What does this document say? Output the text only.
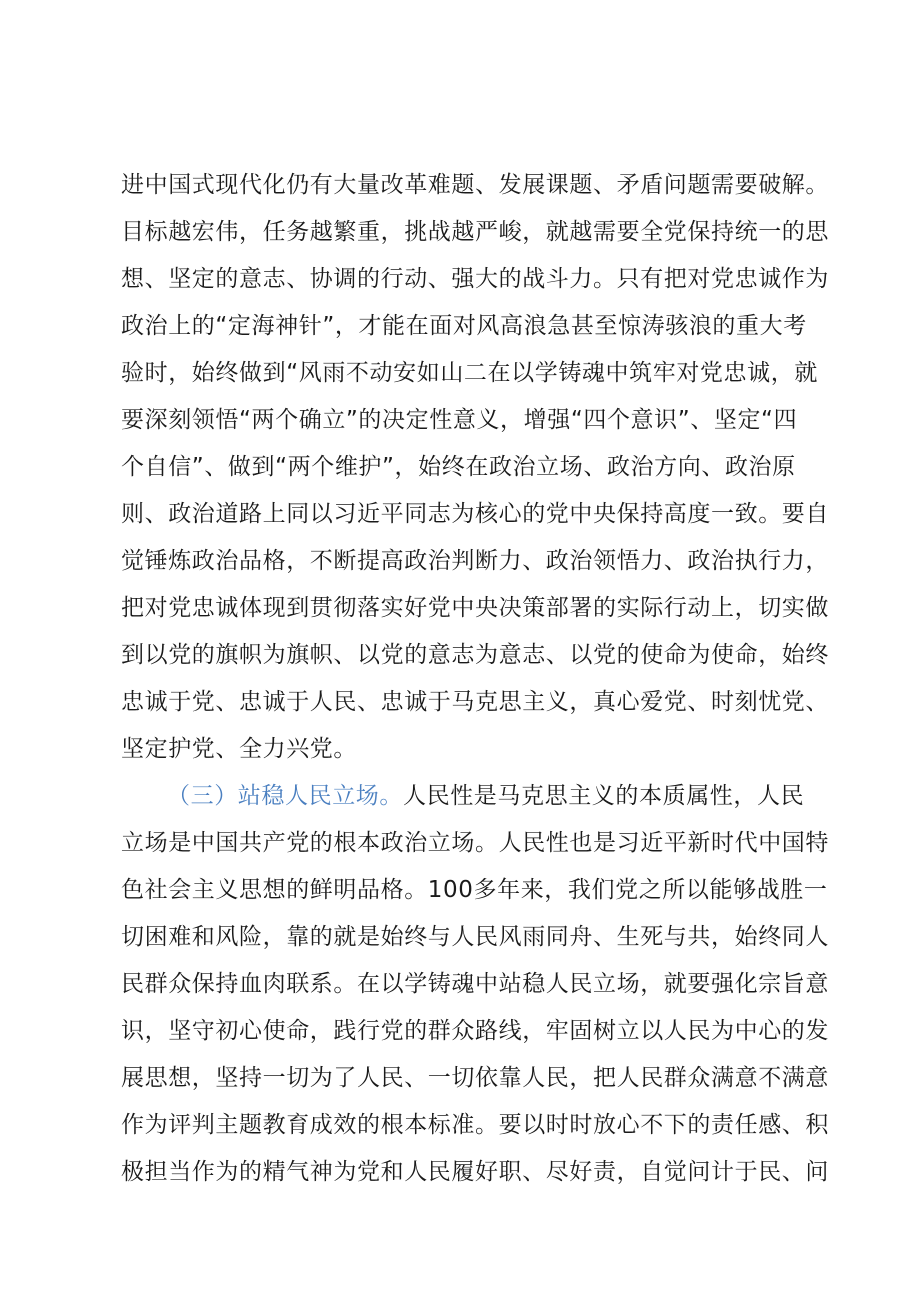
进中国式现代化仍有大量改革难题、发展课题、矛盾问题需要破解。
目标越宏伟，任务越繁重，挑战越严峻，就越需要全党保持统一的思
想、坚定的意志、协调的行动、强大的战斗力。只有把对党忠诚作为
政治上的“定海神针”，才能在面对风高浪急甚至惊涛骇浪的重大考
验时，始终做到“风雨不动安如山二在以学铸魂中筑牢对党忠诚，就
要深刻领悟“两个确立”的决定性意义，增强“四个意识”、坚定“四
个自信”、做到“两个维护”，始终在政治立场、政治方向、政治原
则、政治道路上同以习近平同志为核心的党中央保持高度一致。要自
觉锤炼政治品格，不断提高政治判断力、政治领悟力、政治执行力，
把对党忠诚体现到贯彻落实好党中央决策部署的实际行动上，切实做
到以党的旗帜为旗帜、以党的意志为意志、以党的使命为使命，始终
忠诚于党、忠诚于人民、忠诚于马克思主义，真心爱党、时刻忧党、
坚定护党、全力兴党。
（三）站稳人民立场。人民性是马克思主义的本质属性，人民
立场是中国共产党的根本政治立场。人民性也是习近平新时代中国特
色社会主义思想的鲜明品格。100多年来，我们党之所以能够战胜一
切困难和风险，靠的就是始终与人民风雨同舟、生死与共，始终同人
民群众保持血肉联系。在以学铸魂中站稳人民立场，就要强化宗旨意
识，坚守初心使命，践行党的群众路线，牢固树立以人民为中心的发
展思想，坚持一切为了人民、一切依靠人民，把人民群众满意不满意
作为评判主题教育成效的根本标准。要以时时放心不下的责任感、积
极担当作为的精气神为党和人民履好职、尽好责，自觉问计于民、问
